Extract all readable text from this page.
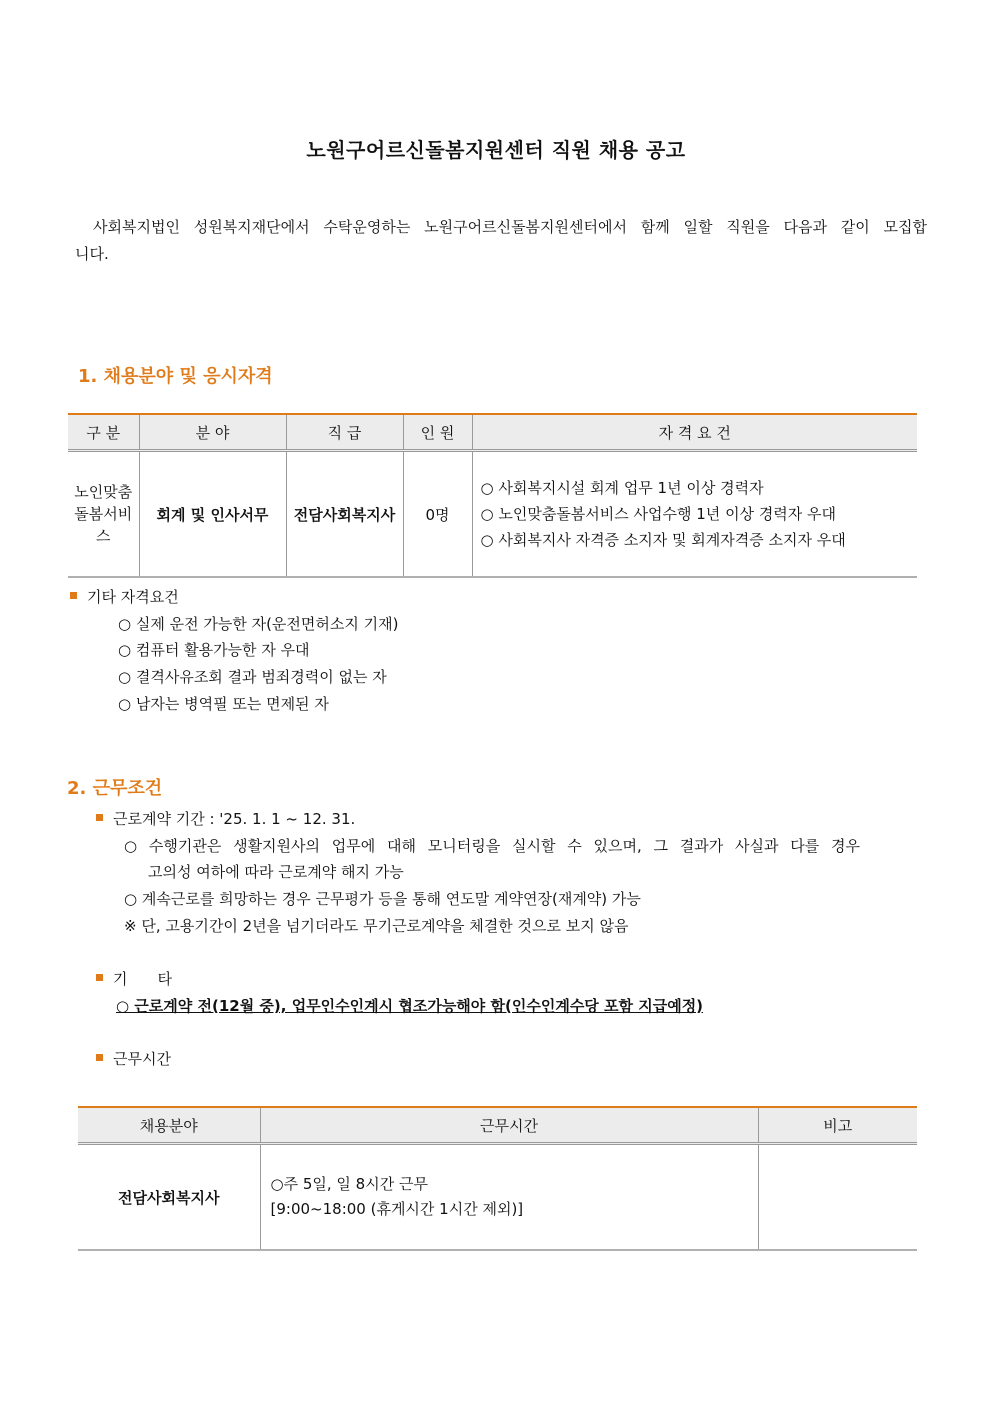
노원구어르신돌봄지원센터 직원 채용 공고
사회복지법인 성원복지재단에서 수탁운영하는 노원구어르신돌봄지원센터에서 함께 일할 직원을 다음과 같이 모집합니다.
1. 채용분야 및 응시자격
구 분	분 야	직 급	인 원	자 격 요 건
노인맞춤돌봄서비스	회계 및 인사서무	전담사회복지사	0명	○ 사회복지시설 회계 업무 1년 이상 경력자
○ 노인맞춤돌봄서비스 사업수행 1년 이상 경력자 우대
○ 사회복지사 자격증 소지자 및 회계자격증 소지자 우대
기타 자격요건
○ 실제 운전 가능한 자(운전면허소지 기재)
○ 컴퓨터 활용가능한 자 우대
○ 결격사유조회 결과 범죄경력이 없는 자
○ 남자는 병역필 또는 면제된 자
2. 근무조건
근로계약 기간 : '25. 1. 1 ~ 12. 31.
○ 수행기관은 생활지원사의 업무에 대해 모니터링을 실시할 수 있으며, 그 결과가 사실과 다를 경우
고의성 여하에 따라 근로계약 해지 가능
○ 계속근로를 희망하는 경우 근무평가 등을 통해 연도말 계약연장(재계약) 가능
※ 단, 고용기간이 2년을 넘기더라도 무기근로계약을 체결한 것으로 보지 않음
기　　타
○ 근로계약 전(12월 중), 업무인수인계시 협조가능해야 함(인수인계수당 포함 지급예정)
근무시간
채용분야	근무시간	비고
전담사회복지사	○주 5일, 일 8시간 근무
[9:00~18:00 (휴게시간 1시간 제외)]	
